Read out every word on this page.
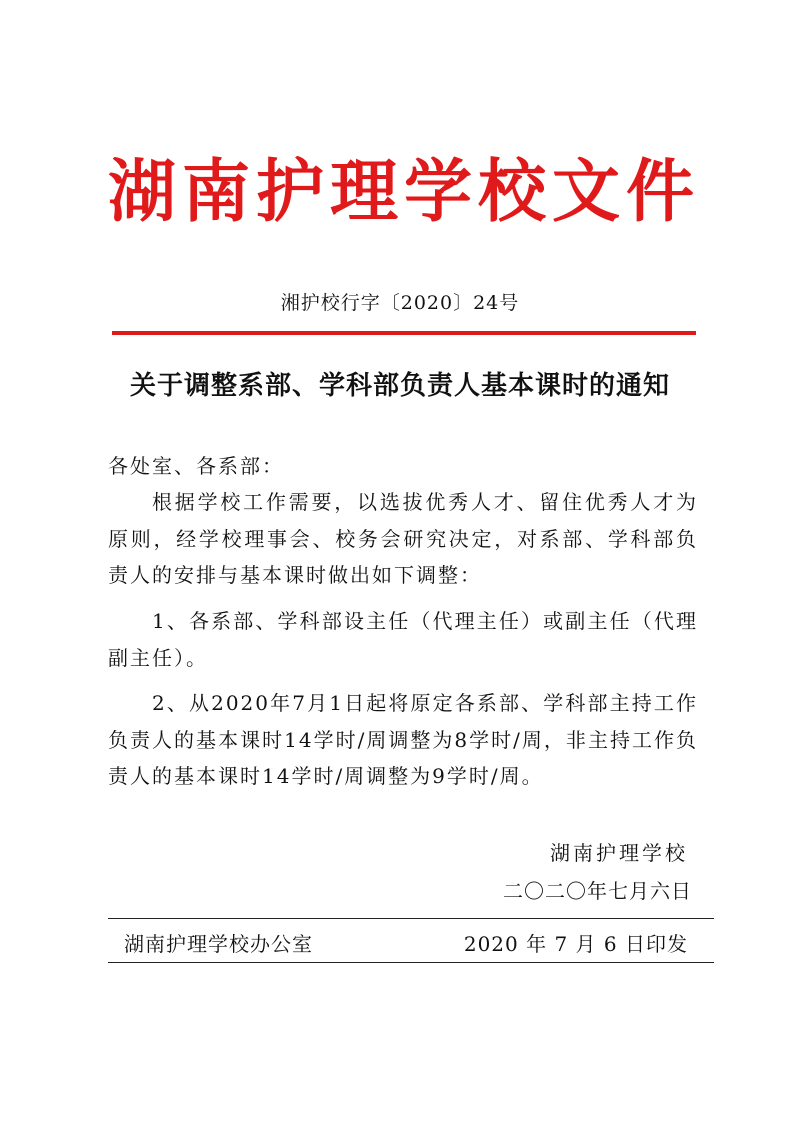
湖南护理学校文件
湘护校行字〔2020〕24号
关于调整系部、学科部负责人基本课时的通知
各处室、各系部：
根据学校工作需要，以选拔优秀人才、留住优秀人才为原则，经学校理事会、校务会研究决定，对系部、学科部负责人的安排与基本课时做出如下调整：
1、各系部、学科部设主任（代理主任）或副主任（代理副主任）。
2、从2020年7月1日起将原定各系部、学科部主持工作负责人的基本课时14学时/周调整为8学时/周，非主持工作负责人的基本课时14学时/周调整为9学时/周。
湖南护理学校
二〇二〇年七月六日
湖南护理学校办公室	2020 年 7 月 6 日印发
